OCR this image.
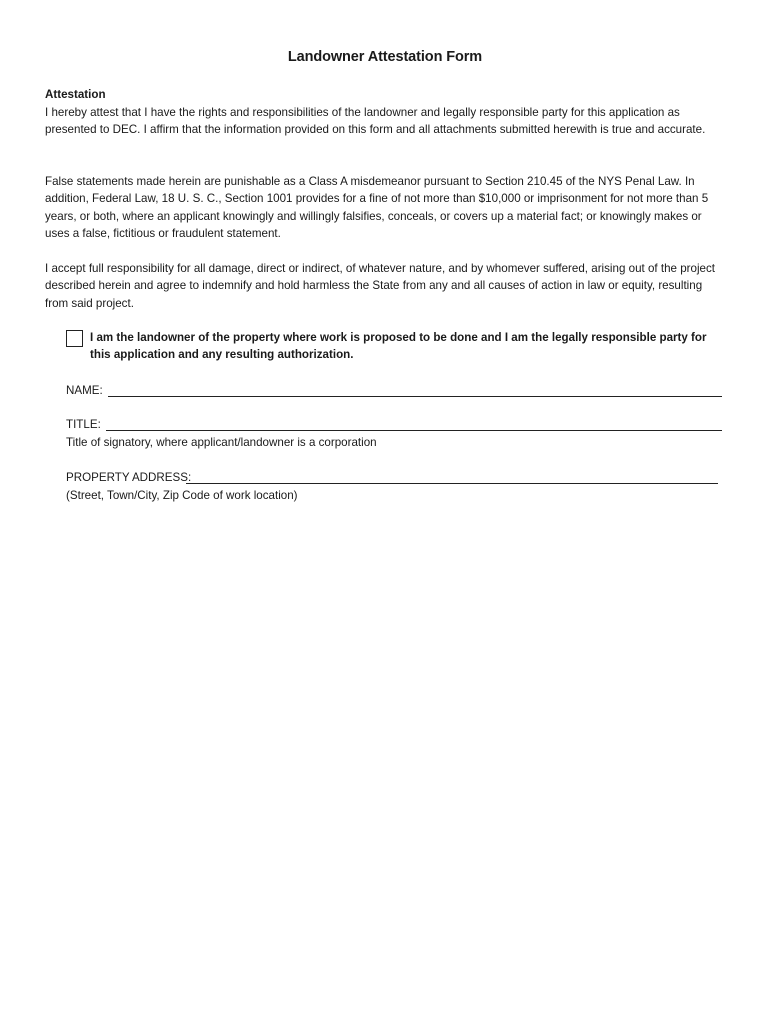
Landowner Attestation Form
Attestation

I hereby attest that I have the rights and responsibilities of the landowner and legally responsible party for this application as presented to DEC. I affirm that the information provided on this form and all attachments submitted herewith is true and accurate.

False statements made herein are punishable as a Class A misdemeanor pursuant to Section 210.45 of the NYS Penal Law. In addition, Federal Law, 18 U. S. C., Section 1001 provides for a fine of not more than $10,000 or imprisonment for not more than 5 years, or both, where an applicant knowingly and willingly falsifies, conceals, or covers up a material fact; or knowingly makes or uses a false, fictitious or fraudulent statement.

I accept full responsibility for all damage, direct or indirect, of whatever nature, and by whomever suffered, arising out of the project described herein and agree to indemnify and hold harmless the State from any and all causes of action in law or equity, resulting from said project.

I am the landowner of the property where work is proposed to be done and I am the legally responsible party for this application and any resulting authorization.
NAME:
TITLE:
Title of signatory, where applicant/landowner is a corporation
PROPERTY ADDRESS:
(Street, Town/City, Zip Code of work location)
